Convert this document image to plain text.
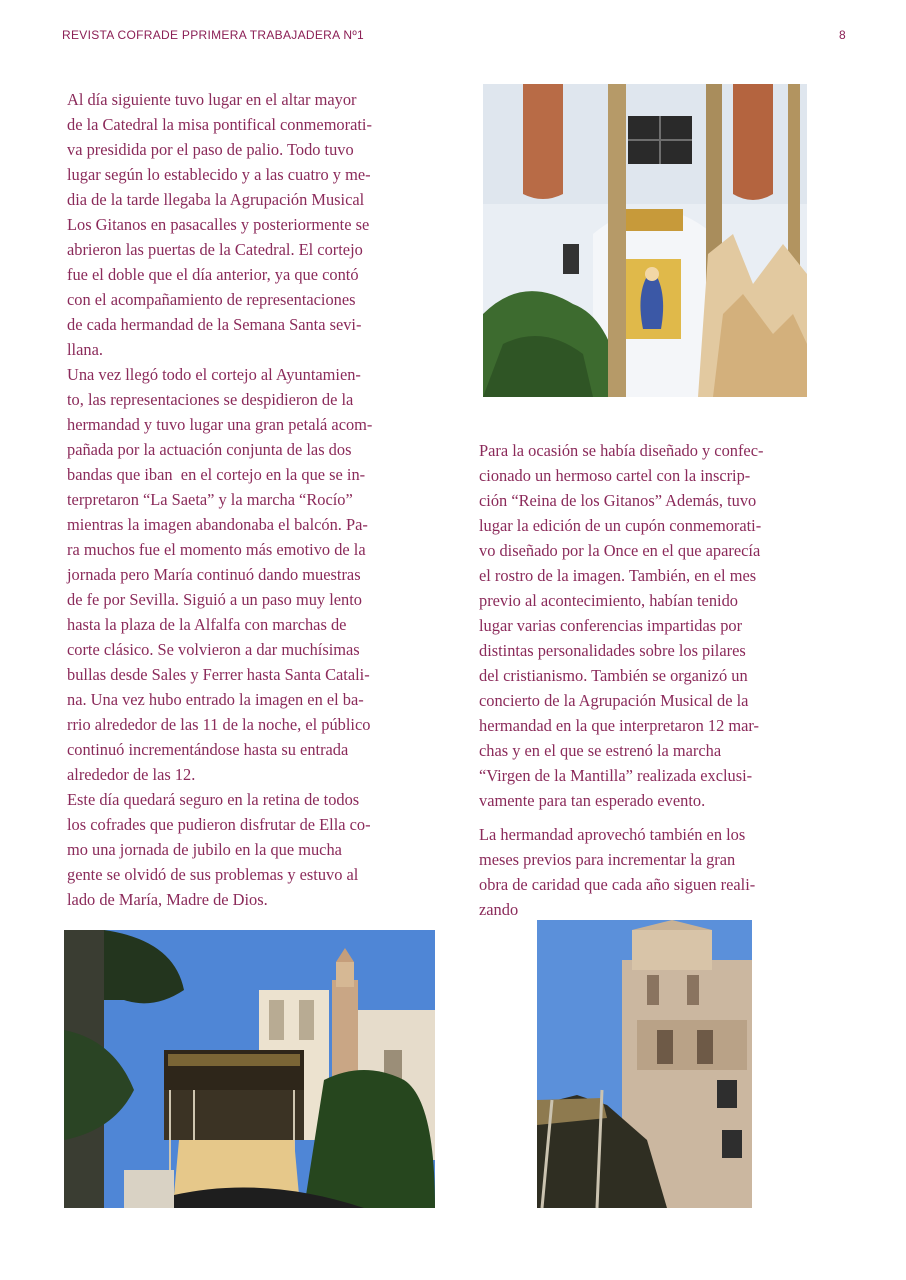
REVISTA COFRADE PPRIMERA TRABAJADERA Nº1	8

Al día siguiente tuvo lugar en el altar mayor

de la Catedral la misa pontifical conmemorati-

va presidida por el paso de palio. Todo tuvo

lugar según lo establecido y a las cuatro y me-

dia de la tarde llegaba la Agrupación Musical

Los Gitanos en pasacalles y posteriormente se

abrieron las puertas de la Catedral. El cortejo

fue el doble que el día anterior, ya que contó

con el acompañamiento de representaciones

de cada hermandad de la Semana Santa sevi-

llana.

Una vez llegó todo el cortejo al Ayuntamien-

to, las representaciones se despidieron de la

hermandad y tuvo lugar una gran petalá acom-

pañada por la actuación conjunta de las dos

bandas que iban  en el cortejo en la que se in-

terpretaron “La Saeta” y la marcha “Rocío”

mientras la imagen abandonaba el balcón. Pa-

ra muchos fue el momento más emotivo de la

jornada pero María continuó dando muestras

de fe por Sevilla. Siguió a un paso muy lento

hasta la plaza de la Alfalfa con marchas de

corte clásico. Se volvieron a dar muchísimas

bullas desde Sales y Ferrer hasta Santa Catali-

na. Una vez hubo entrado la imagen en el ba-

rrio alrededor de las 11 de la noche, el público

continuó incrementándose hasta su entrada

alrededor de las 12.

Este día quedará seguro en la retina de todos

los cofrades que pudieron disfrutar de Ella co-

mo una jornada de jubilo en la que mucha

gente se olvidó de sus problemas y estuvo al

lado de María, Madre de Dios.

Para la ocasión se había diseñado y confec-

cionado un hermoso cartel con la inscrip-

ción “Reina de los Gitanos” Además, tuvo

lugar la edición de un cupón conmemorati-

vo diseñado por la Once en el que aparecía

el rostro de la imagen. También, en el mes

previo al acontecimiento, habían tenido

lugar varias conferencias impartidas por

distintas personalidades sobre los pilares

del cristianismo. También se organizó un

concierto de la Agrupación Musical de la

hermandad en la que interpretaron 12 mar-

chas y en el que se estrenó la marcha

“Virgen de la Mantilla” realizada exclusi-

vamente para tan esperado evento.

La hermandad aprovechó también en los

meses previos para incrementar la gran

obra de caridad que cada año siguen reali-

zando
